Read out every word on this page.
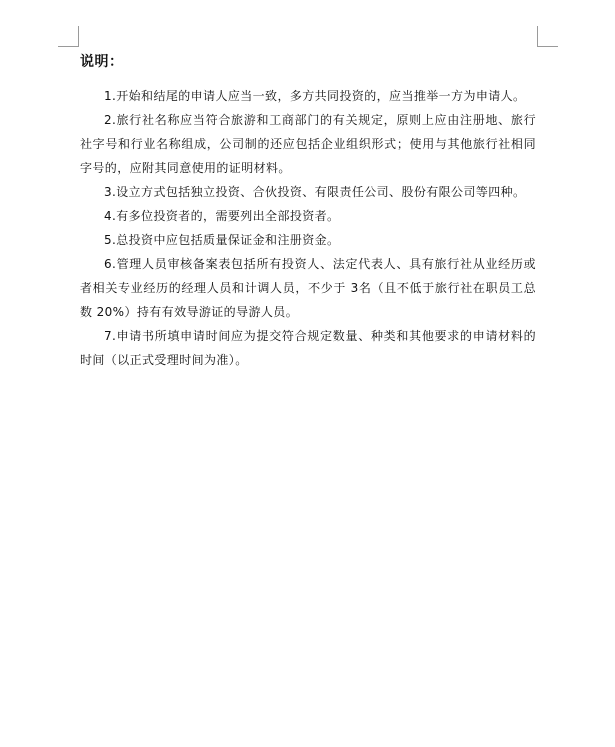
说明：

1.开始和结尾的申请人应当一致，多方共同投资的，应当推举一方为申请人。

2.旅行社名称应当符合旅游和工商部门的有关规定，原则上应由注册地、旅行社字号和行业名称组成，公司制的还应包括企业组织形式；使用与其他旅行社相同字号的，应附其同意使用的证明材料。

3.设立方式包括独立投资、合伙投资、有限责任公司、股份有限公司等四种。

4.有多位投资者的，需要列出全部投资者。

5.总投资中应包括质量保证金和注册资金。

6.管理人员审核备案表包括所有投资人、法定代表人、具有旅行社从业经历或者相关专业经历的经理人员和计调人员，不少于 3名（且不低于旅行社在职员工总数 20%）持有有效导游证的导游人员。

7.申请书所填申请时间应为提交符合规定数量、种类和其他要求的申请材料的时间（以正式受理时间为准）。
